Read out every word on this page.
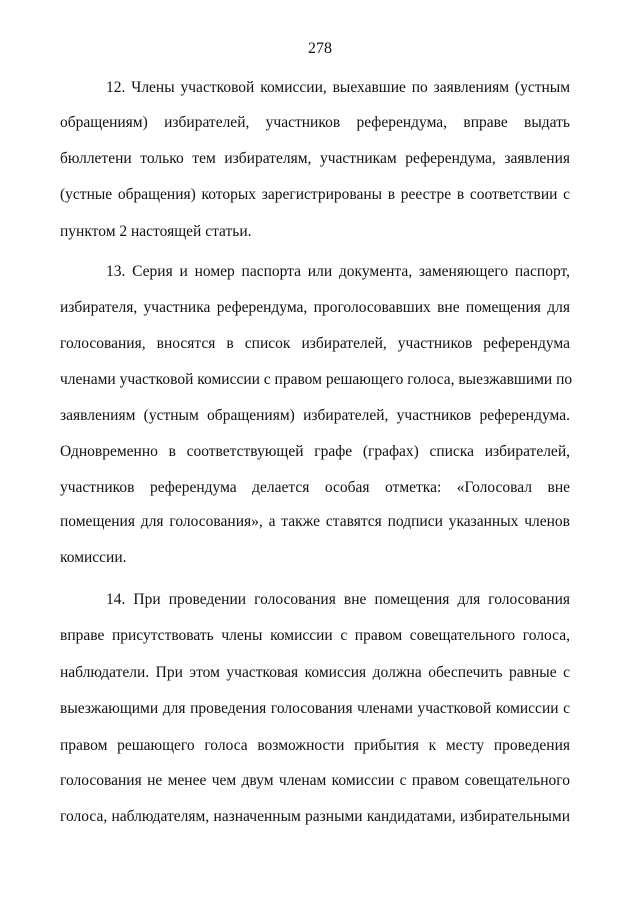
278
12. Члены участковой комиссии, выехавшие по заявлениям (устным
обращениям) избирателей, участников референдума, вправе выдать
бюллетени только тем избирателям, участникам референдума, заявления
(устные обращения) которых зарегистрированы в реестре в соответствии с
пунктом 2 настоящей статьи.
13. Серия и номер паспорта или документа, заменяющего паспорт,
избирателя, участника референдума, проголосовавших вне помещения для
голосования, вносятся в список избирателей, участников референдума
членами участковой комиссии с правом решающего голоса, выезжавшими по
заявлениям (устным обращениям) избирателей, участников референдума.
Одновременно в соответствующей графе (графах) списка избирателей,
участников референдума делается особая отметка: «Голосовал вне
помещения для голосования», а также ставятся подписи указанных членов
комиссии.
14. При проведении голосования вне помещения для голосования
вправе присутствовать члены комиссии с правом совещательного голоса,
наблюдатели. При этом участковая комиссия должна обеспечить равные с
выезжающими для проведения голосования членами участковой комиссии с
правом решающего голоса возможности прибытия к месту проведения
голосования не менее чем двум членам комиссии с правом совещательного
голоса, наблюдателям, назначенным разными кандидатами, избирательными
